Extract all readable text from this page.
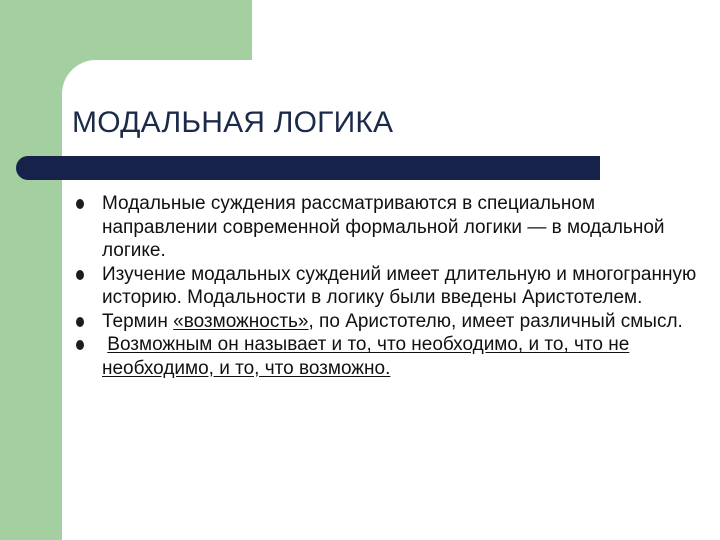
МОДАЛЬНАЯ ЛОГИКА
Модальные суждения рассматриваются в специальном направлении современной формальной логики — в модальной логике.
Изучение модальных суждений имеет длительную и многогранную историю. Модальности в логику были введены Аристотелем.
Термин «возможность», по Аристотелю, имеет различный смысл.
Возможным он называет и то, что необходимо, и то, что не необходимо, и то, что возможно.
